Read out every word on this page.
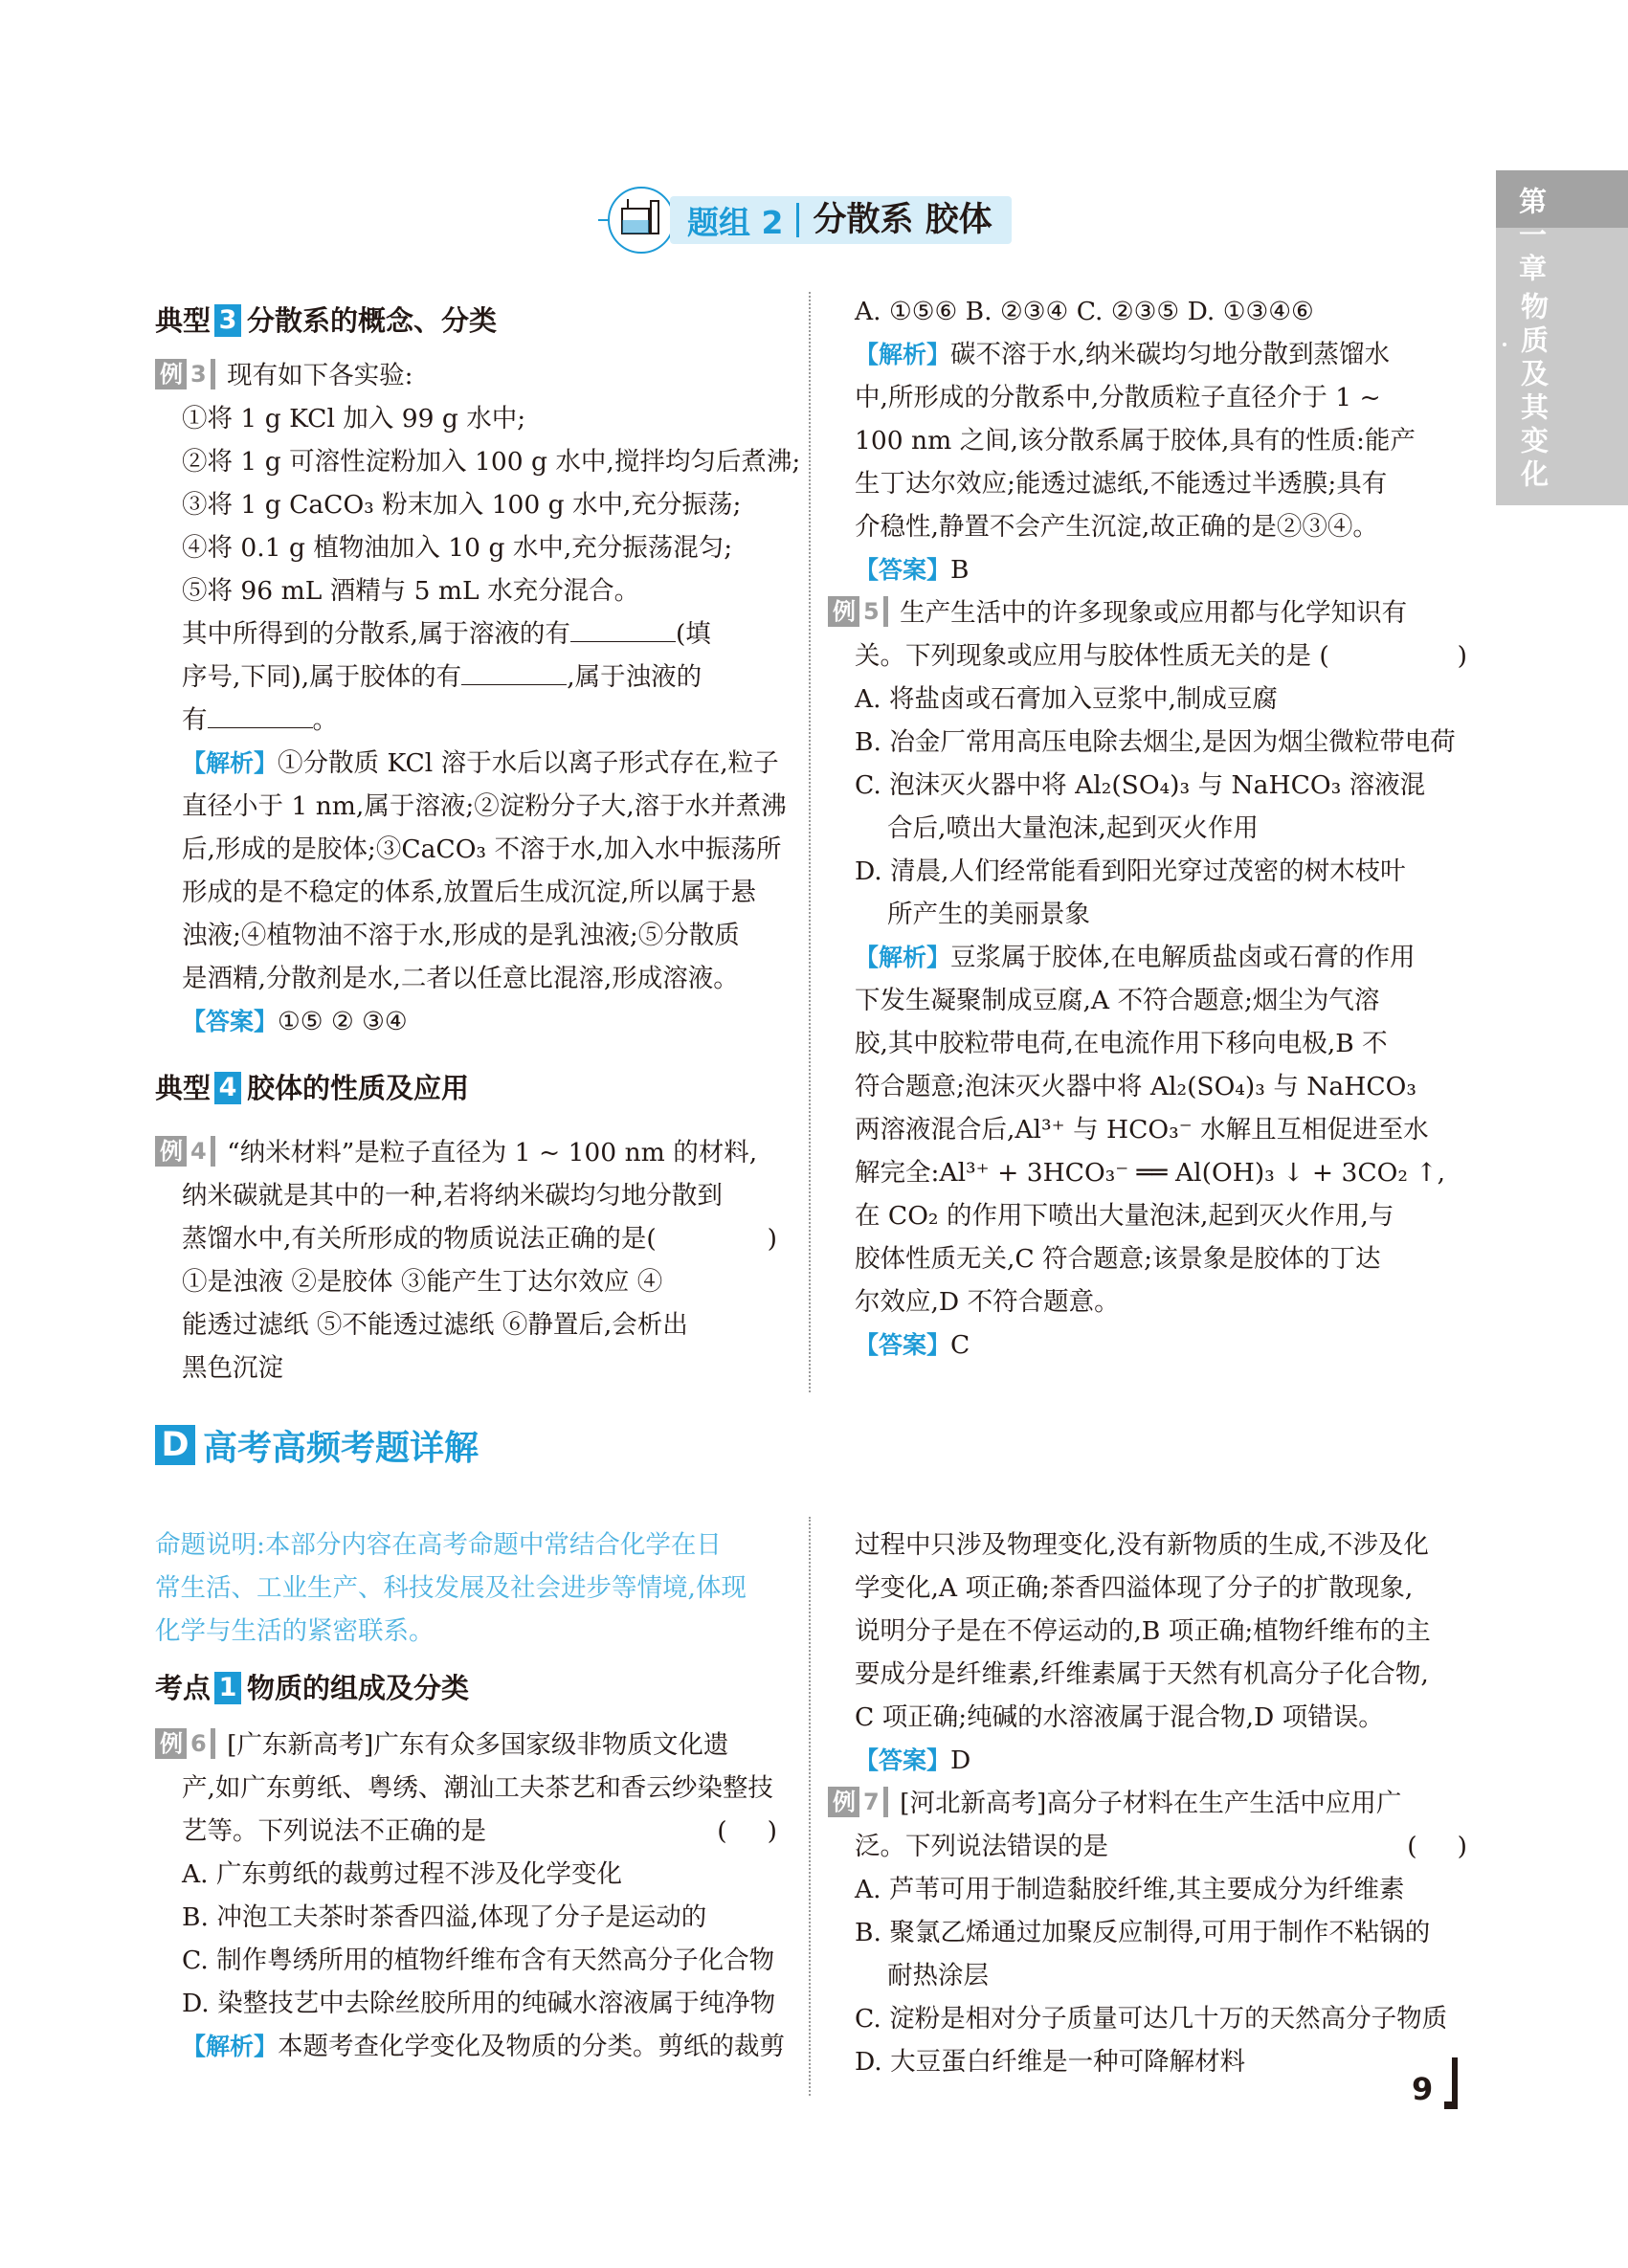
第一章
物质及其变化
题组 2 分散系 胶体
典型 3 分散系的概念、分类
例 3 现有如下各实验:
①将 1 g KCl 加入 99 g 水中;
②将 1 g 可溶性淀粉加入 100 g 水中,搅拌均匀后煮沸;
③将 1 g CaCO₃ 粉末加入 100 g 水中,充分振荡;
④将 0.1 g 植物油加入 10 g 水中,充分振荡混匀;
⑤将 96 mL 酒精与 5 mL 水充分混合。
其中所得到的分散系,属于溶液的有	(填
序号,下同),属于胶体的有	,属于浊液的
有	。
【解析】①分散质 KCl 溶于水后以离子形式存在,粒子
直径小于 1 nm,属于溶液;②淀粉分子大,溶于水并煮沸
后,形成的是胶体;③CaCO₃ 不溶于水,加入水中振荡所
形成的是不稳定的体系,放置后生成沉淀,所以属于悬
浊液;④植物油不溶于水,形成的是乳浊液;⑤分散质
是酒精,分散剂是水,二者以任意比混溶,形成溶液。
【答案】①⑤ ② ③④
典型 4 胶体的性质及应用
例 4 “纳米材料”是粒子直径为 1 ~ 100 nm 的材料,
纳米碳就是其中的一种,若将纳米碳均匀地分散到
蒸馏水中,有关所形成的物质说法正确的是(	)
①是浊液 ②是胶体 ③能产生丁达尔效应 ④
能透过滤纸 ⑤不能透过滤纸 ⑥静置后,会析出
黑色沉淀
A. ①⑤⑥ B. ②③④ C. ②③⑤ D. ①③④⑥
【解析】碳不溶于水,纳米碳均匀地分散到蒸馏水
中,所形成的分散系中,分散质粒子直径介于 1 ~
100 nm 之间,该分散系属于胶体,具有的性质:能产
生丁达尔效应;能透过滤纸,不能透过半透膜;具有
介稳性,静置不会产生沉淀,故正确的是②③④。
【答案】B
例 5 生产生活中的许多现象或应用都与化学知识有
关。下列现象或应用与胶体性质无关的是 (	)
A. 将盐卤或石膏加入豆浆中,制成豆腐
B. 冶金厂常用高压电除去烟尘,是因为烟尘微粒带电荷
C. 泡沫灭火器中将 Al₂(SO₄)₃ 与 NaHCO₃ 溶液混
合后,喷出大量泡沫,起到灭火作用
D. 清晨,人们经常能看到阳光穿过茂密的树木枝叶
所产生的美丽景象
【解析】豆浆属于胶体,在电解质盐卤或石膏的作用
下发生凝聚制成豆腐,A 不符合题意;烟尘为气溶
胶,其中胶粒带电荷,在电流作用下移向电极,B 不
符合题意;泡沫灭火器中将 Al₂(SO₄)₃ 与 NaHCO₃
两溶液混合后,Al³⁺ 与 HCO₃⁻ 水解且互相促进至水
解完全:Al³⁺ + 3HCO₃⁻ ══ Al(OH)₃ ↓ + 3CO₂ ↑,
在 CO₂ 的作用下喷出大量泡沫,起到灭火作用,与
胶体性质无关,C 符合题意;该景象是胶体的丁达
尔效应,D 不符合题意。
【答案】C
D 高考高频考题详解
命题说明:本部分内容在高考命题中常结合化学在日
常生活、工业生产、科技发展及社会进步等情境,体现
化学与生活的紧密联系。
考点 1 物质的组成及分类
例 6 [广东新高考]广东有众多国家级非物质文化遗
产,如广东剪纸、粤绣、潮汕工夫茶艺和香云纱染整技
艺等。下列说法不正确的是	(     )
A. 广东剪纸的裁剪过程不涉及化学变化
B. 冲泡工夫茶时茶香四溢,体现了分子是运动的
C. 制作粤绣所用的植物纤维布含有天然高分子化合物
D. 染整技艺中去除丝胶所用的纯碱水溶液属于纯净物
【解析】本题考查化学变化及物质的分类。剪纸的裁剪
过程中只涉及物理变化,没有新物质的生成,不涉及化
学变化,A 项正确;茶香四溢体现了分子的扩散现象,
说明分子是在不停运动的,B 项正确;植物纤维布的主
要成分是纤维素,纤维素属于天然有机高分子化合物,
C 项正确;纯碱的水溶液属于混合物,D 项错误。
【答案】D
例 7 [河北新高考]高分子材料在生产生活中应用广
泛。下列说法错误的是	(     )
A. 芦苇可用于制造黏胶纤维,其主要成分为纤维素
B. 聚氯乙烯通过加聚反应制得,可用于制作不粘锅的
耐热涂层
C. 淀粉是相对分子质量可达几十万的天然高分子物质
D. 大豆蛋白纤维是一种可降解材料
9
